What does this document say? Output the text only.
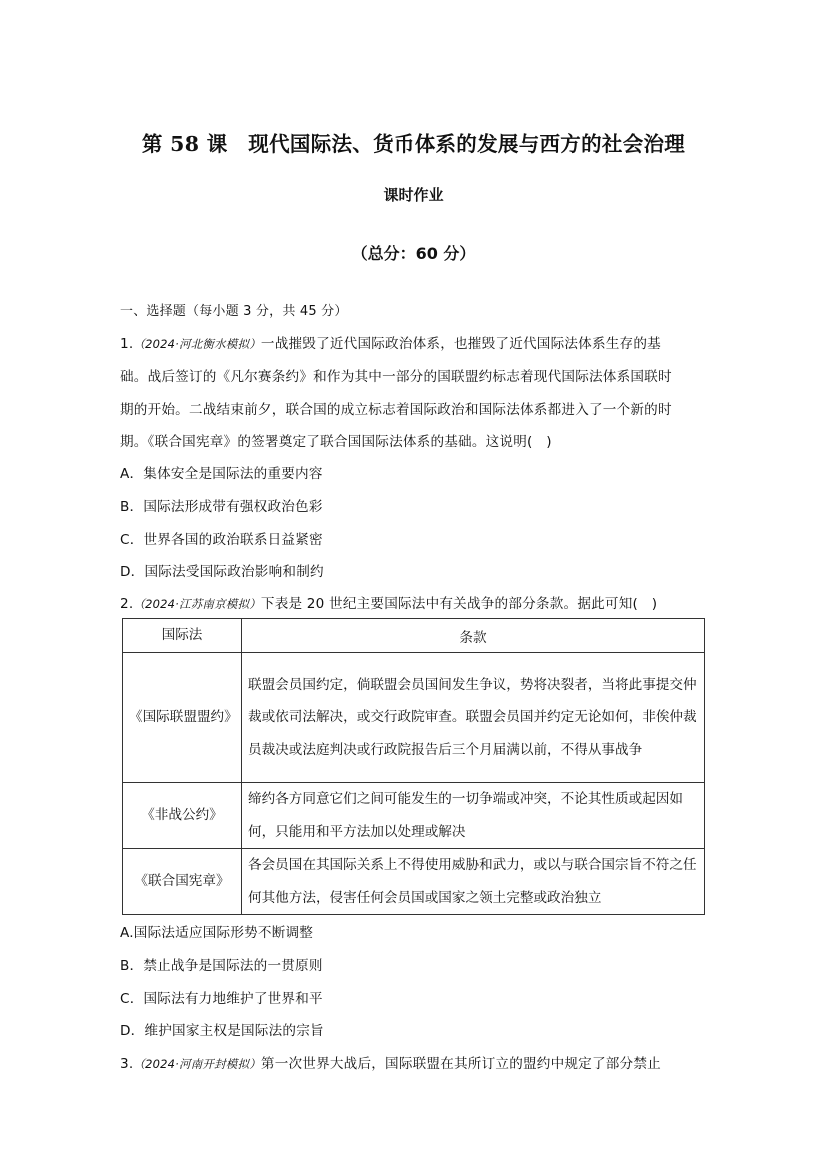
第 58 课　现代国际法、货币体系的发展与西方的社会治理
课时作业
（总分：60 分）
一、选择题（每小题 3 分，共 45 分）
1.（2024·河北衡水模拟）一战摧毁了近代国际政治体系，也摧毁了近代国际法体系生存的基
础。战后签订的《凡尔赛条约》和作为其中一部分的国联盟约标志着现代国际法体系国联时
期的开始。二战结束前夕，联合国的成立标志着国际政治和国际法体系都进入了一个新的时
期。《联合国宪章》的签署奠定了联合国国际法体系的基础。这说明(　)
A．集体安全是国际法的重要内容
B．国际法形成带有强权政治色彩
C．世界各国的政治联系日益紧密
D．国际法受国际政治影响和制约
2.（2024·江苏南京模拟）下表是 20 世纪主要国际法中有关战争的部分条款。据此可知(　)
国际法	条款
《国际联盟盟约》	联盟会员国约定，倘联盟会员国间发生争议，势将决裂者，当将此事提交仲裁或依司法解决，或交行政院审查。联盟会员国并约定无论如何，非俟仲裁员裁决或法庭判决或行政院报告后三个月届满以前，不得从事战争
《非战公约》	缔约各方同意它们之间可能发生的一切争端或冲突，不论其性质或起因如何，只能用和平方法加以处理或解决
《联合国宪章》	各会员国在其国际关系上不得使用威胁和武力，或以与联合国宗旨不符之任何其他方法，侵害任何会员国或国家之领土完整或政治独立
A.国际法适应国际形势不断调整
B．禁止战争是国际法的一贯原则
C．国际法有力地维护了世界和平
D．维护国家主权是国际法的宗旨
3.（2024·河南开封模拟）第一次世界大战后，国际联盟在其所订立的盟约中规定了部分禁止
